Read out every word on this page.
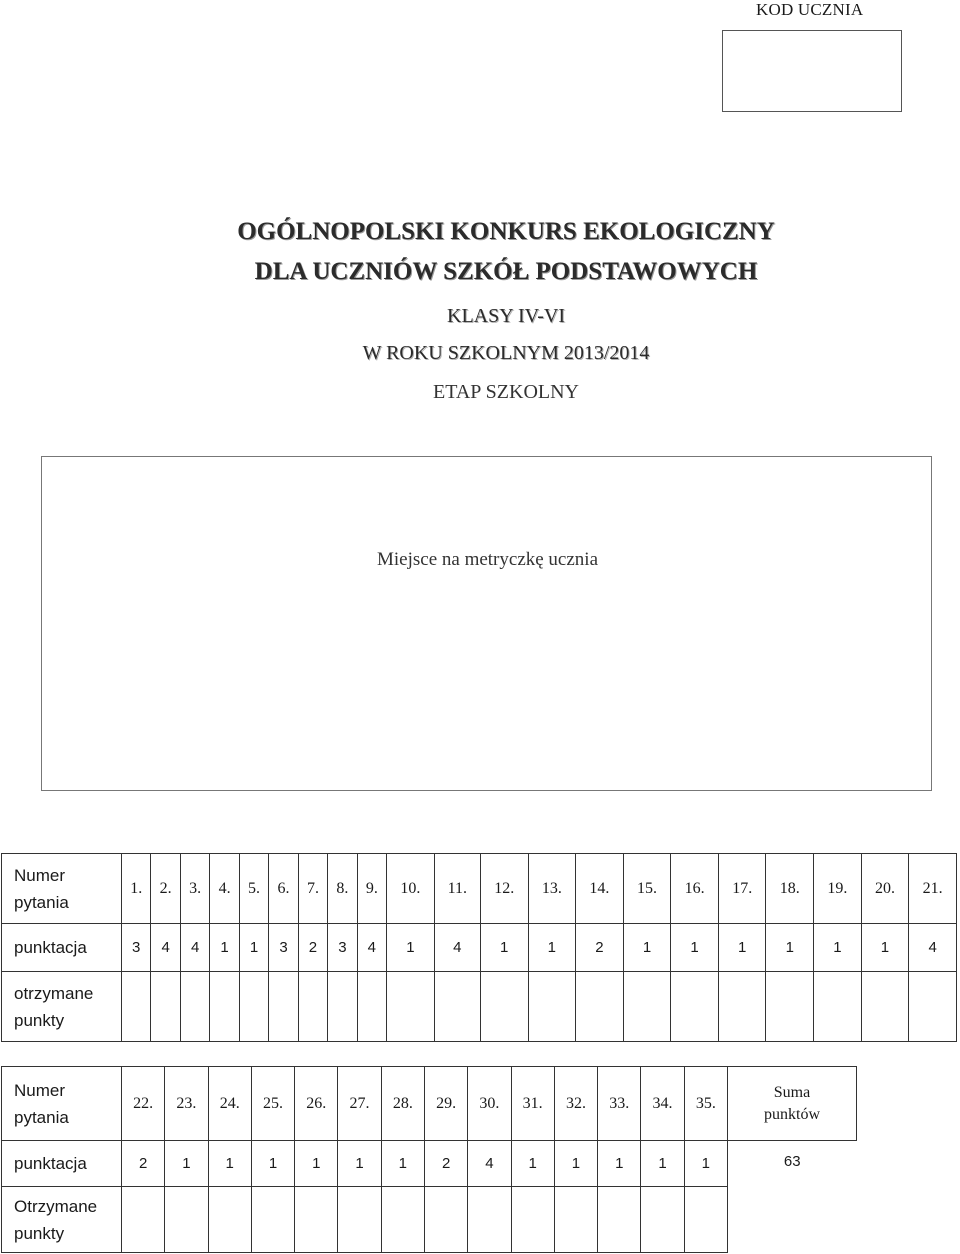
KOD UCZNIA
OGÓLNOPOLSKI KONKURS EKOLOGICZNY
DLA UCZNIÓW SZKÓŁ PODSTAWOWYCH
KLASY IV-VI
W ROKU SZKOLNYM 2013/2014
ETAP SZKOLNY
Miejsce na metryczkę ucznia
Numer
pytania	1.	2.	3.	4.	5.	6.	7.	8.	9.	10.	11.	12.	13.	14.	15.	16.	17.	18.	19.	20.	21.
punktacja	3	4	4	1	1	3	2	3	4	1	4	1	1	2	1	1	1	1	1	1	4
otrzymane
punkty																					
Numer
pytania	22.	23.	24.	25.	26.	27.	28.	29.	30.	31.	32.	33.	34.	35.	Suma
punktów
punktacja	2	1	1	1	1	1	1	2	4	1	1	1	1	1	63
Otrzymane
punkty															
